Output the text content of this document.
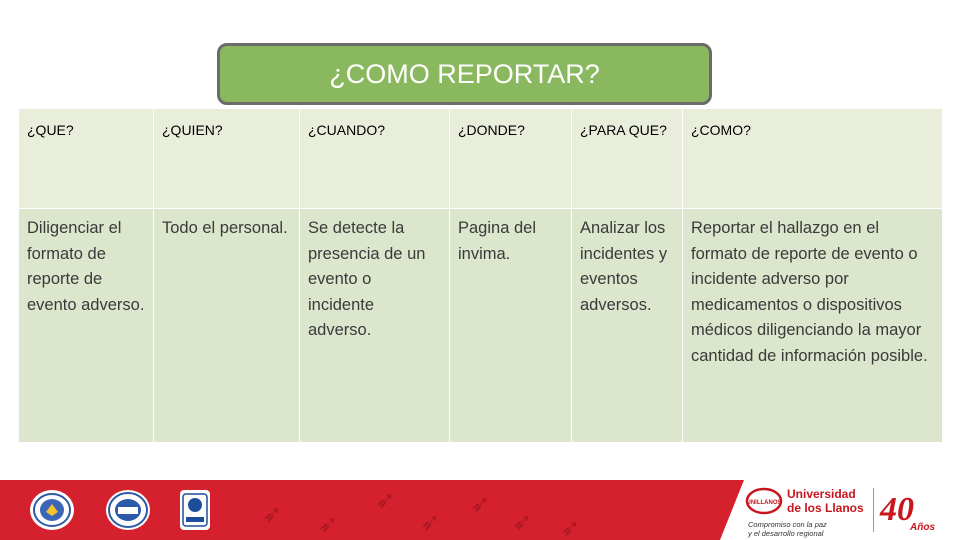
¿COMO REPORTAR?
¿QUE?	¿QUIEN?	¿CUANDO?	¿DONDE?	¿PARA QUE?	¿COMO?
Diligenciar el formato de reporte de evento adverso.	Todo el personal.	Se detecte la presencia de un evento o incidente adverso.	Pagina del invima.	Analizar los incidentes y eventos adversos.	Reportar el hallazgo en el formato de reporte de evento o incidente adverso por medicamentos o dispositivos médicos diligenciando la mayor cantidad de información posible.
➶ ➶
➶
➶
➶
➶ ➶
UNILLANOS
Universidad
de los Llanos
Compromiso con la paz
y el desarrollo regional
40
Años
